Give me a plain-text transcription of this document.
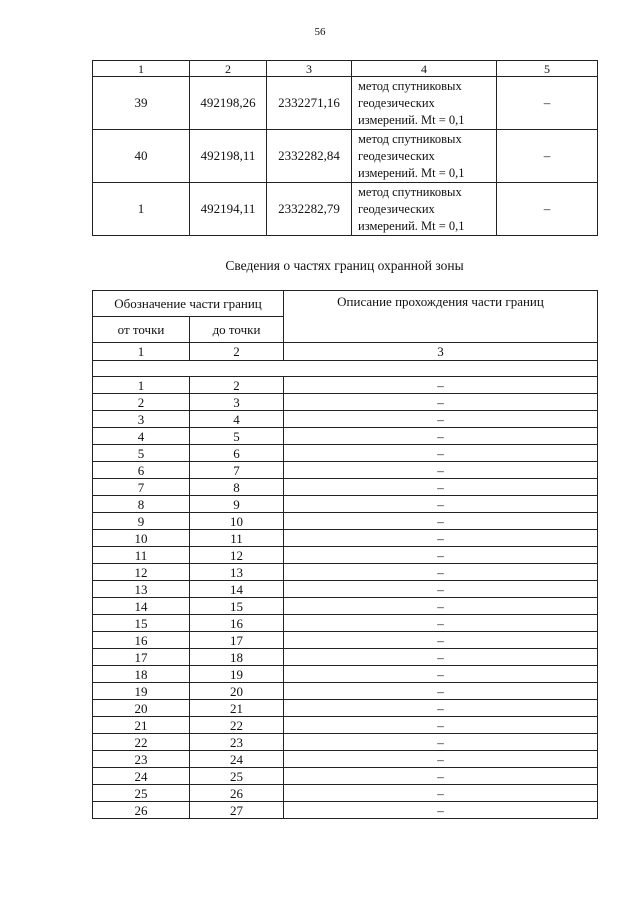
56
1	2	3	4	5
39	492198,26	2332271,16	метод спутниковых
геодезических
измерений. Mt = 0,1	–
40	492198,11	2332282,84	метод спутниковых
геодезических
измерений. Mt = 0,1	–
1	492194,11	2332282,79	метод спутниковых
геодезических
измерений. Mt = 0,1	–
Сведения о частях границ охранной зоны
Обозначение части границ		Описание прохождения части границ
от точки	до точки	
1	2	3

1	2	–
2	3	–
3	4	–
4	5	–
5	6	–
6	7	–
7	8	–
8	9	–
9	10	–
10	11	–
11	12	–
12	13	–
13	14	–
14	15	–
15	16	–
16	17	–
17	18	–
18	19	–
19	20	–
20	21	–
21	22	–
22	23	–
23	24	–
24	25	–
25	26	–
26	27	–
